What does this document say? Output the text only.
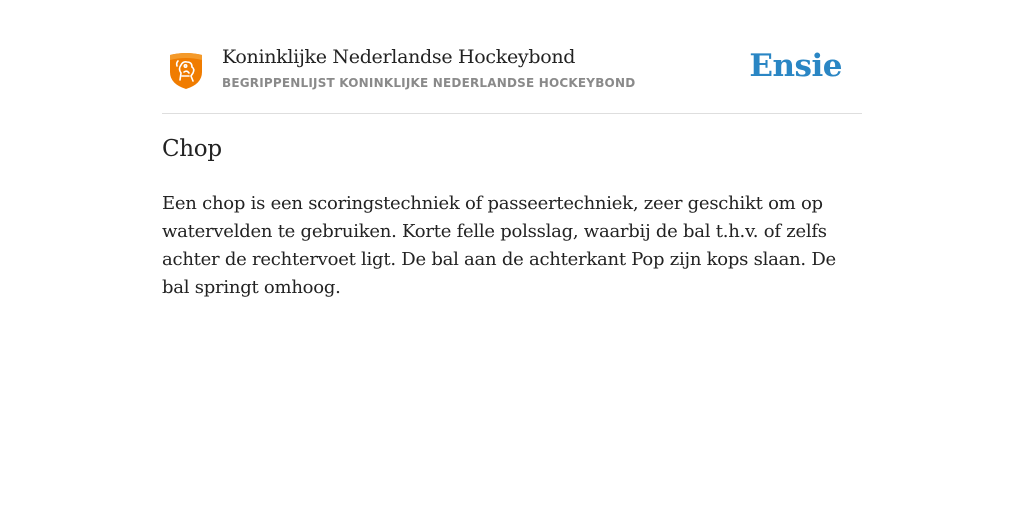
Koninklijke Nederlandse Hockeybond
BEGRIPPENLIJST KONINKLIJKE NEDERLANDSE HOCKEYBOND	Ensie
Chop

Een chop is een scoringstechniek of passeertechniek, zeer geschikt om op watervelden te gebruiken. Korte felle polsslag, waarbij de bal t.h.v. of zelfs achter de rechtervoet ligt. De bal aan de achterkant Pop zijn kops slaan. De bal springt omhoog.
